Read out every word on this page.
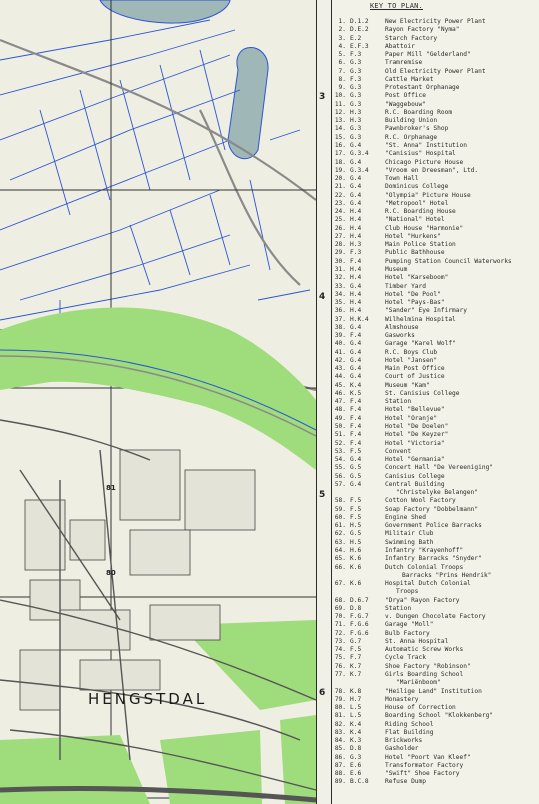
81
80
HENGSTDAL
3
4
5
6
KEY TO PLAN.
1. D.1.2	New Electricity Power Plant
2. D.E.2	Rayon Factory "Nyma"
3. E.2	Starch Factory
4. E.F.3	Abattoir
5. F.3	Paper Mill "Gelderland"
6. G.3	Tramremise
7. G.3	Old Electricity Power Plant
8. F.3	Cattle Market
9. G.3	Protestant Orphanage
10. G.3	Post Office
11. G.3	"Waggebouw"
12. H.3	R.C. Boarding Room
13. H.3	Building Union
14. G.3	Pawnbroker's Shop
15. G.3	R.C. Orphanage
16. G.4	"St. Anna" Institution
17. G.3.4	"Canisius" Hospital
18. G.4	Chicago Picture House
19. G.3.4	"Vroom en Dreesman", Ltd.
20. G.4	Town Hall
21. G.4	Dominicus College
22. G.4	"Olympia" Picture House
23. G.4	"Metropool" Hotel
24. H.4	R.C. Boarding House
25. H.4	"National" Hotel
26. H.4	Club House "Harmonie"
27. H.4	Hotel "Hurkens"
28. H.3	Main Police Station
29. F.3	Public Bathhouse
30. F.4	Pumping Station Council Waterworks
31. H.4	Museum
32. H.4	Hotel "Karseboom"
33. G.4	Timber Yard
34. H.4	Hotel "De Pool"
35. H.4	Hotel "Pays-Bas"
36. H.4	"Sander" Eye Infirmary
37. H.K.4	Wilhelmina Hospital
38. G.4	Almshouse
39. F.4	Gasworks
40. G.4	Garage "Karel Wolf"
41. G.4	R.C. Boys Club
42. G.4	Hotel "Jansen"
43. G.4	Main Post Office
44. G.4	Court of Justice
45. K.4	Museum "Kam"
46. K.5	St. Canisius College
47. F.4	Station
48. F.4	Hotel "Bellevue"
49. F.4	Hotel "Oranje"
50. F.4	Hotel "De Doelen"
51. F.4	Hotel "De Keyzer"
52. F.4	Hotel "Victoria"
53. F.5	Convent
54. G.4	Hotel "Germania"
55. G.5	Concert Hall "De Vereeniging"
56. G.5	Canisius College
57. G.4	Central Building
"Christelyke Belangen"
58. F.5	Cotton Wool Factory
59. F.5	Soap Factory "Dobbelmann"
60. F.5	Engine Shed
61. H.5	Government Police Barracks
62. G.5	Militair Club
63. H.5	Swimming Bath
64. H.6	Infantry "Krayenhoff"
65. K.6	Infantry Barracks "Snyder"
66. K.6	Dutch Colonial Troops
Barracks "Prins Hendrik"
67. K.6	Hospital Dutch Colonial
Troops
68. D.6.7	"Drya" Rayon Factory
69. D.8	Station
70. F.G.7	v. Dungen Chocolate Factory
71. F.G.6	Garage "Moll"
72. F.G.6	Bulb Factory
73. G.7	St. Anna Hospital
74. F.5	Automatic Screw Works
75. F.7	Cycle Track
76. K.7	Shoe Factory "Robinson"
77. K.7	Girls Boarding School
"Mariënboom"
78. K.8	"Heilige Land" Institution
79. H.7	Monastery
80. L.5	House of Correction
81. L.5	Boarding School "Klokkenberg"
82. K.4	Riding School
83. K.4	Flat Building
84. K.3	Brickworks
85. D.8	Gasholder
86. G.3	Hotel "Poort Van Kleef"
87. E.6	Transformator Factory
88. E.6	"Swift" Shoe Factory
89. B.C.8	Refuse Dump
